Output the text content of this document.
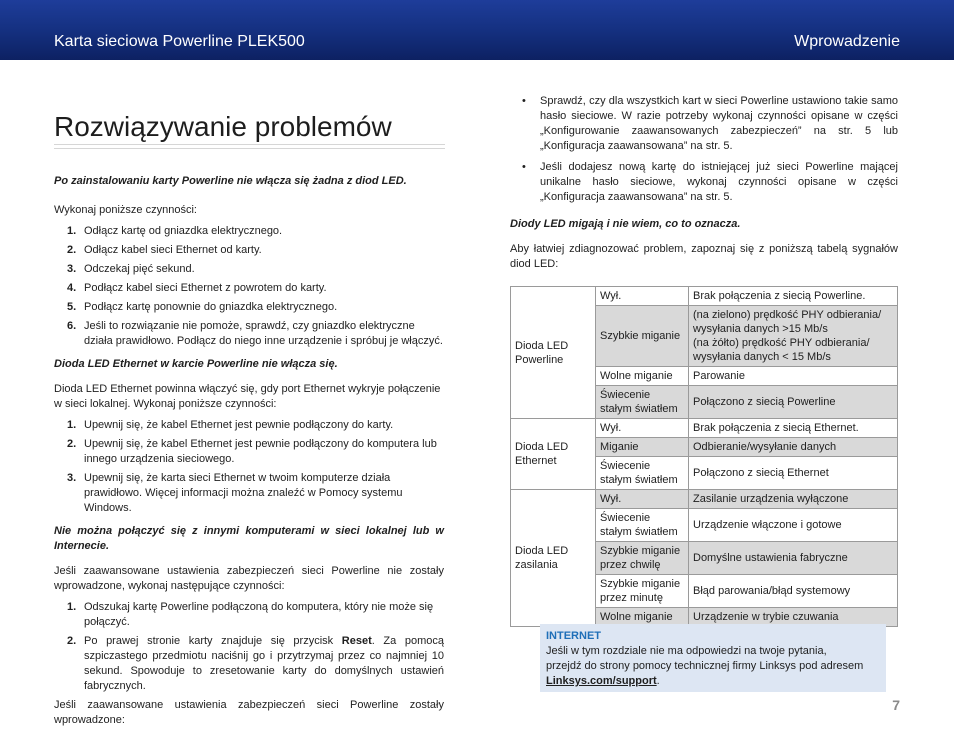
Karta sieciowa Powerline PLEK500	Wprowadzenie
Rozwiązywanie problemów

Po zainstalowaniu karty Powerline nie włącza się żadna z diod LED.

Wykonaj poniższe czynności:

1. Odłącz kartę od gniazdka elektrycznego.
2. Odłącz kabel sieci Ethernet od karty.
3. Odczekaj pięć sekund.
4. Podłącz kabel sieci Ethernet z powrotem do karty.
5. Podłącz kartę ponownie do gniazdka elektrycznego.
6. Jeśli to rozwiązanie nie pomoże, sprawdź, czy gniazdko elektryczne działa prawidłowo. Podłącz do niego inne urządzenie i spróbuj je włączyć.

Dioda LED Ethernet w karcie Powerline nie włącza się.

Dioda LED Ethernet powinna włączyć się, gdy port Ethernet wykryje połączenie w sieci lokalnej. Wykonaj poniższe czynności:

1. Upewnij się, że kabel Ethernet jest pewnie podłączony do karty.
2. Upewnij się, że kabel Ethernet jest pewnie podłączony do komputera lub innego urządzenia sieciowego.
3. Upewnij się, że karta sieci Ethernet w twoim komputerze działa prawidłowo. Więcej informacji można znaleźć w Pomocy systemu Windows.

Nie można połączyć się z innymi komputerami w sieci lokalnej lub w Internecie.

Jeśli zaawansowane ustawienia zabezpieczeń sieci Powerline nie zostały wprowadzone, wykonaj następujące czynności:

1. Odszukaj kartę Powerline podłączoną do komputera, który nie może się połączyć.
2. Po prawej stronie karty znajduje się przycisk Reset. Za pomocą szpiczastego przedmiotu naciśnij go i przytrzymaj przez co najmniej 10 sekund. Spowoduje to zresetowanie karty do domyślnych ustawień fabrycznych.

Jeśli zaawansowane ustawienia zabezpieczeń sieci Powerline zostały wprowadzone:

• Sprawdź, czy dla wszystkich kart w sieci Powerline ustawiono takie samo hasło sieciowe. W razie potrzeby wykonaj czynności opisane w części „Konfigurowanie zaawansowanych zabezpieczeń” na str. 5 lub „Konfiguracja zaawansowana” na str. 5.
• Jeśli dodajesz nową kartę do istniejącej już sieci Powerline mającej unikalne hasło sieciowe, wykonaj czynności opisane w części „Konfiguracja zaawansowana” na str. 5.

Diody LED migają i nie wiem, co to oznacza.

Aby łatwiej zdiagnozować problem, zapoznaj się z poniższą tabelą sygnałów diod LED:

Dioda LED Powerline	Wył.	Brak połączenia z siecią Powerline.
	Szybkie miganie	(na zielono) prędkość PHY odbierania/ wysyłania danych >15 Mb/s
(na żółto) prędkość PHY odbierania/ wysyłania danych < 15 Mb/s
	Wolne miganie	Parowanie
	Świecenie stałym światłem	Połączono z siecią Powerline
Dioda LED Ethernet	Wył.	Brak połączenia z siecią Ethernet.
	Miganie	Odbieranie/wysyłanie danych
	Świecenie stałym światłem	Połączono z siecią Ethernet
Dioda LED zasilania	Wył.	Zasilanie urządzenia wyłączone
	Świecenie stałym światłem	Urządzenie włączone i gotowe
	Szybkie miganie przez chwilę	Domyślne ustawienia fabryczne
	Szybkie miganie przez minutę	Błąd parowania/błąd systemowy
	Wolne miganie	Urządzenie w trybie czuwania
INTERNET
Jeśli w tym rozdziale nie ma odpowiedzi na twoje pytania,
przejdź do strony pomocy technicznej firmy Linksys pod adresem
Linksys.com/support.
7
